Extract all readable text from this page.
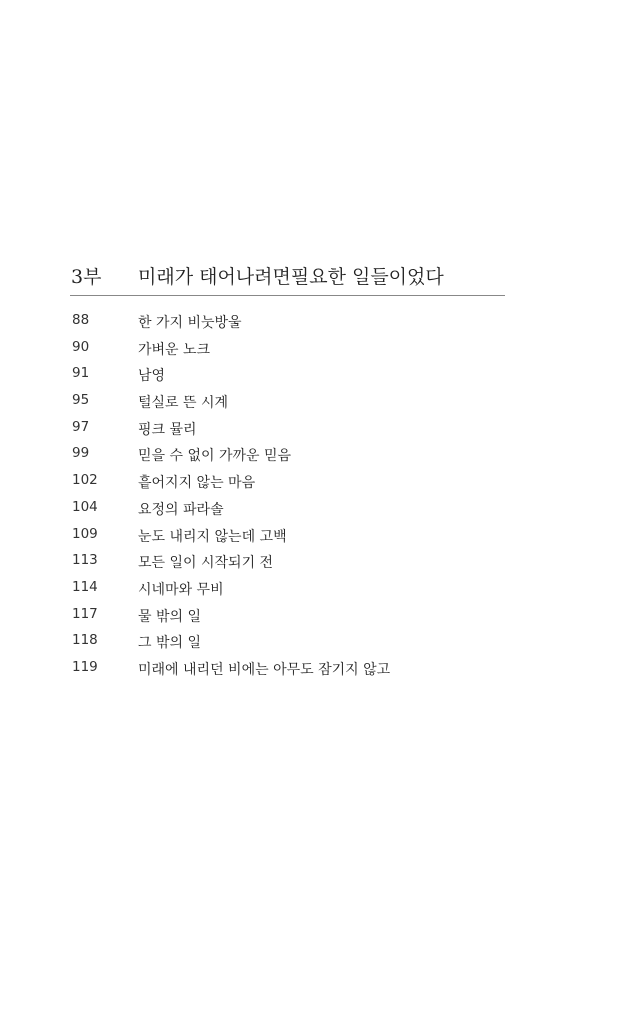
3부 미래가 태어나려면필요한 일들이었다
88	한 가지 비눗방울
90	가벼운 노크
91	남영
95	털실로 뜬 시계
97	핑크 뮬리
99	믿을 수 없이 가까운 믿음
102	흩어지지 않는 마음
104	요정의 파라솔
109	눈도 내리지 않는데 고백
113	모든 일이 시작되기 전
114	시네마와 무비
117	물 밖의 일
118	그 밖의 일
119	미래에 내리던 비에는 아무도 잠기지 않고
